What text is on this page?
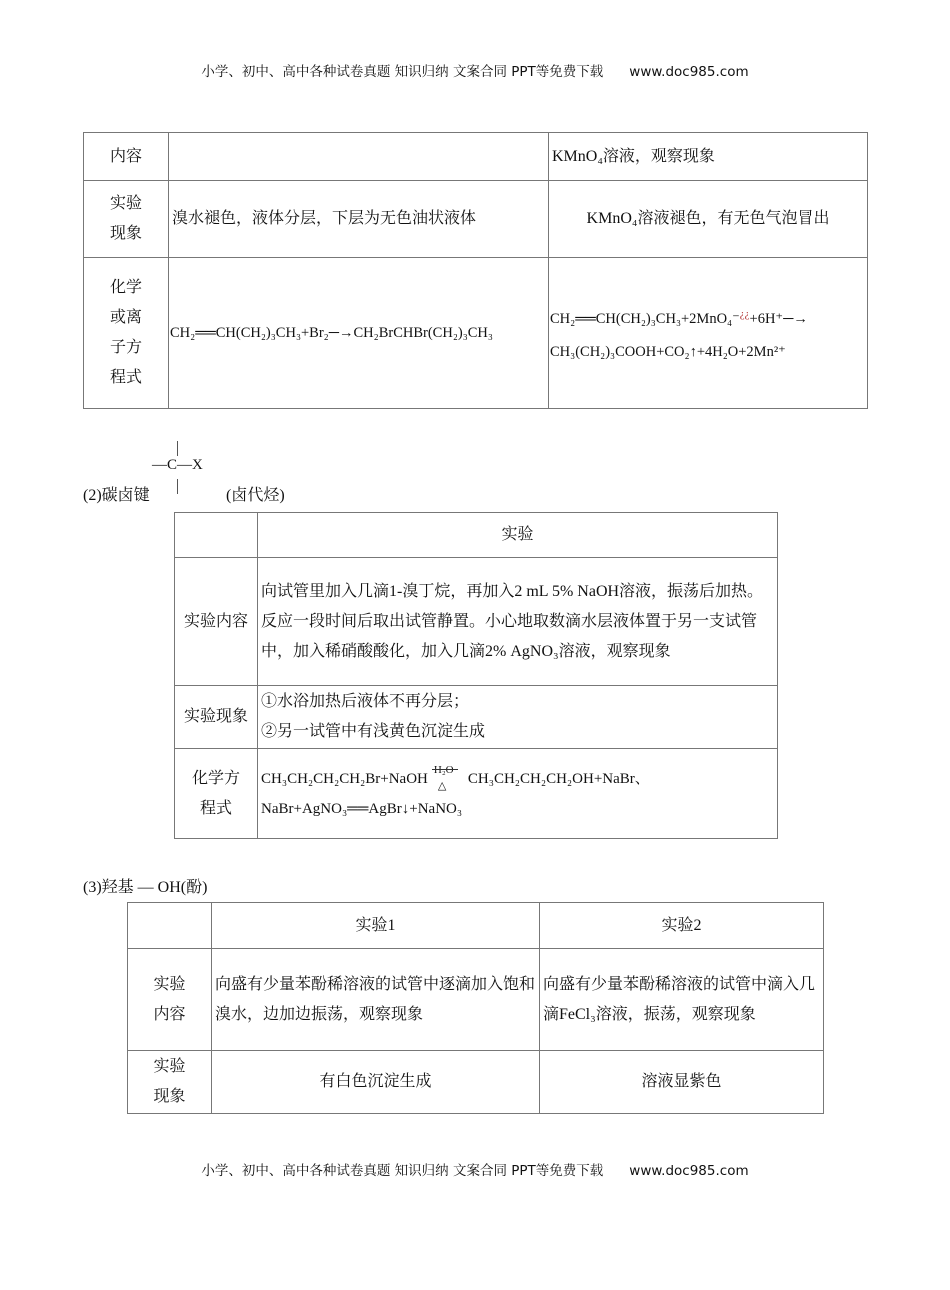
小学、初中、高中各种试卷真题 知识归纳 文案合同 PPT等免费下载 www.doc985.com
内容		KMnO₄溶液，观察现象
实验现象	溴水褪色，液体分层，下层为无色油状液体	KMnO₄溶液褪色，有无色气泡冒出
化学或离子方程式	CH₂══CH(CH₂)₃CH₃+Br₂─→CH₂BrCHBr(CH₂)₃CH₃	CH₂══CH(CH₂)₃CH₃+2MnO₄⁻¿¿+6H⁺─→
CH₃(CH₂)₃COOH+CO₂↑+4H₂O+2Mn²⁺
(2)碳卤键
—C—X
(卤代烃)
	实验
实验内容	向试管里加入几滴1-溴丁烷，再加入2 mL 5% NaOH溶液，振荡后加热。反应一段时间后取出试管静置。小心地取数滴水层液体置于另一支试管中，加入稀硝酸酸化，加入几滴2% AgNO₃溶液，观察现象
实验现象	①水浴加热后液体不再分层；
②另一试管中有浅黄色沉淀生成
化学方程式	CH₃CH₂CH₂CH₂Br+NaOH
H₂O
△ CH₃CH₂CH₂CH₂OH+NaBr、
NaBr+AgNO₃══AgBr↓+NaNO₃
(3)羟基 — OH(酚)
	实验1	实验2
实验内容	向盛有少量苯酚稀溶液的试管中逐滴加入饱和溴水，边加边振荡，观察现象	向盛有少量苯酚稀溶液的试管中滴入几滴FeCl₃溶液，振荡，观察现象
实验现象	有白色沉淀生成	溶液显紫色
小学、初中、高中各种试卷真题 知识归纳 文案合同 PPT等免费下载 www.doc985.com
